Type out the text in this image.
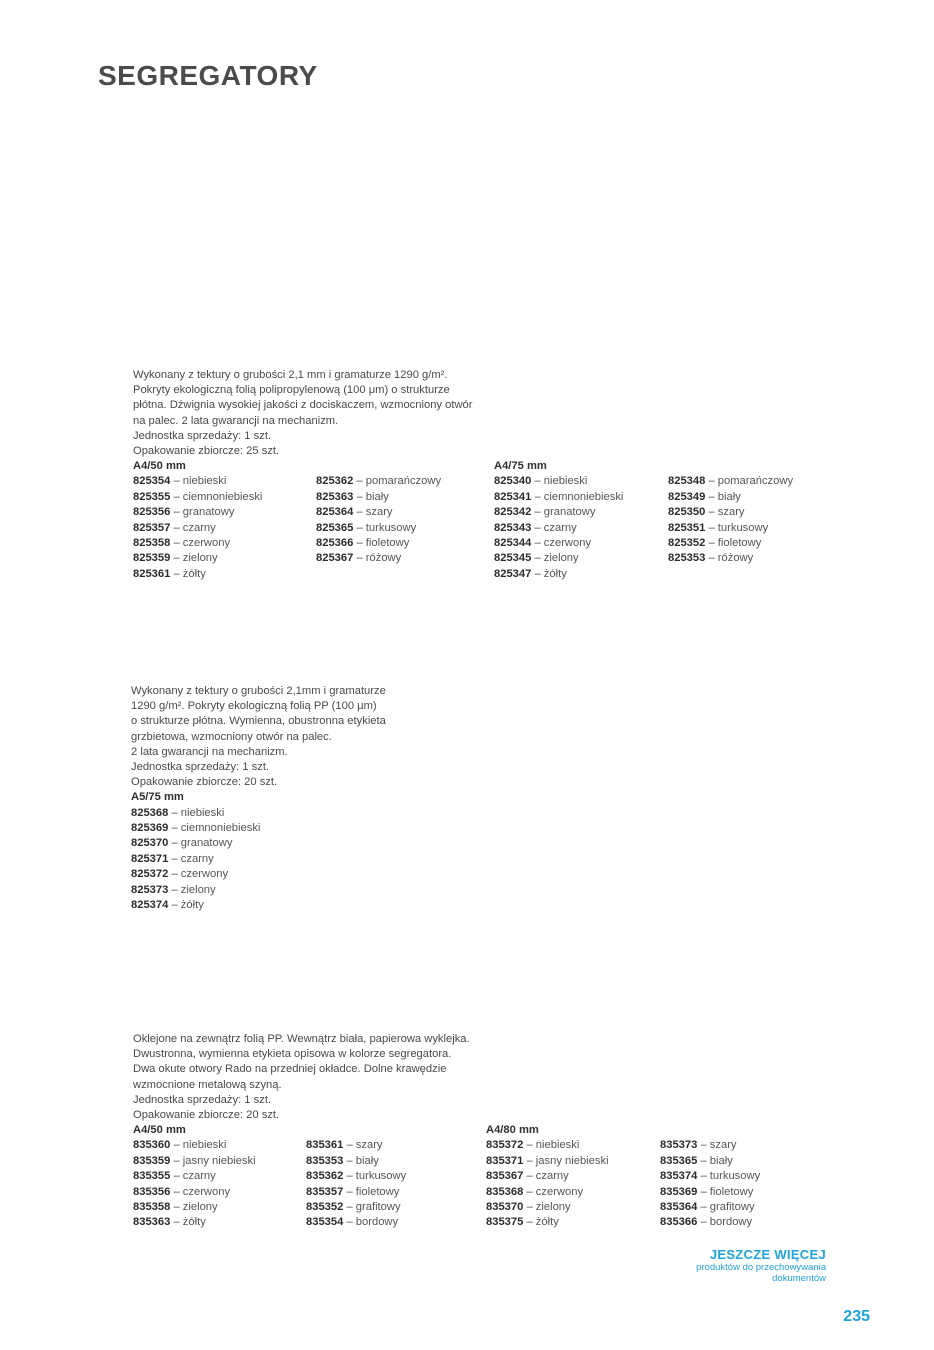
SEGREGATORY
Wykonany z tektury o grubości 2,1 mm i gramaturze 1290 g/m².
Pokryty ekologiczną folią polipropylenową (100 μm) o strukturze
płótna. Dźwignia wysokiej jakości z dociskaczem, wzmocniony otwór
na palec. 2 lata gwarancji na mechanizm.
Jednostka sprzedaży: 1 szt.
Opakowanie zbiorcze: 25 szt.
A4/50 mm
825354 – niebieski
825355 – ciemnoniebieski
825356 – granatowy
825357 – czarny
825358 – czerwony
825359 – zielony
825361 – żółty
825362 – pomarańczowy
825363 – biały
825364 – szary
825365 – turkusowy
825366 – fioletowy
825367 – różowy
A4/75 mm
825340 – niebieski
825341 – ciemnoniebieski
825342 – granatowy
825343 – czarny
825344 – czerwony
825345 – zielony
825347 – żółty
825348 – pomarańczowy
825349 – biały
825350 – szary
825351 – turkusowy
825352 – fioletowy
825353 – różowy
Wykonany z tektury o grubości 2,1mm i gramaturze
1290 g/m². Pokryty ekologiczną folią PP (100 μm)
o strukturze płótna. Wymienna, obustronna etykieta
grzbietowa, wzmocniony otwór na palec.
2 lata gwarancji na mechanizm.
Jednostka sprzedaży: 1 szt.
Opakowanie zbiorcze: 20 szt.
A5/75 mm
825368 – niebieski
825369 – ciemnoniebieski
825370 – granatowy
825371 – czarny
825372 – czerwony
825373 – zielony
825374 – żółty
Oklejone na zewnątrz folią PP. Wewnątrz biała, papierowa wyklejka.
Dwustronna, wymienna etykieta opisowa w kolorze segregatora.
Dwa okute otwory Rado na przedniej okładce. Dolne krawędzie
wzmocnione metalową szyną.
Jednostka sprzedaży: 1 szt.
Opakowanie zbiorcze: 20 szt.
A4/50 mm
835360 – niebieski
835359 – jasny niebieski
835355 – czarny
835356 – czerwony
835358 – zielony
835363 – żółty
835361 – szary
835353 – biały
835362 – turkusowy
835357 – fioletowy
835352 – grafitowy
835354 – bordowy
A4/80 mm
835372 – niebieski
835371 – jasny niebieski
835367 – czarny
835368 – czerwony
835370 – zielony
835375 – żółty
835373 – szary
835365 – biały
835374 – turkusowy
835369 – fioletowy
835364 – grafitowy
835366 – bordowy
JESZCZE WIĘCEJ
produktów do przechowywania
dokumentów
235
